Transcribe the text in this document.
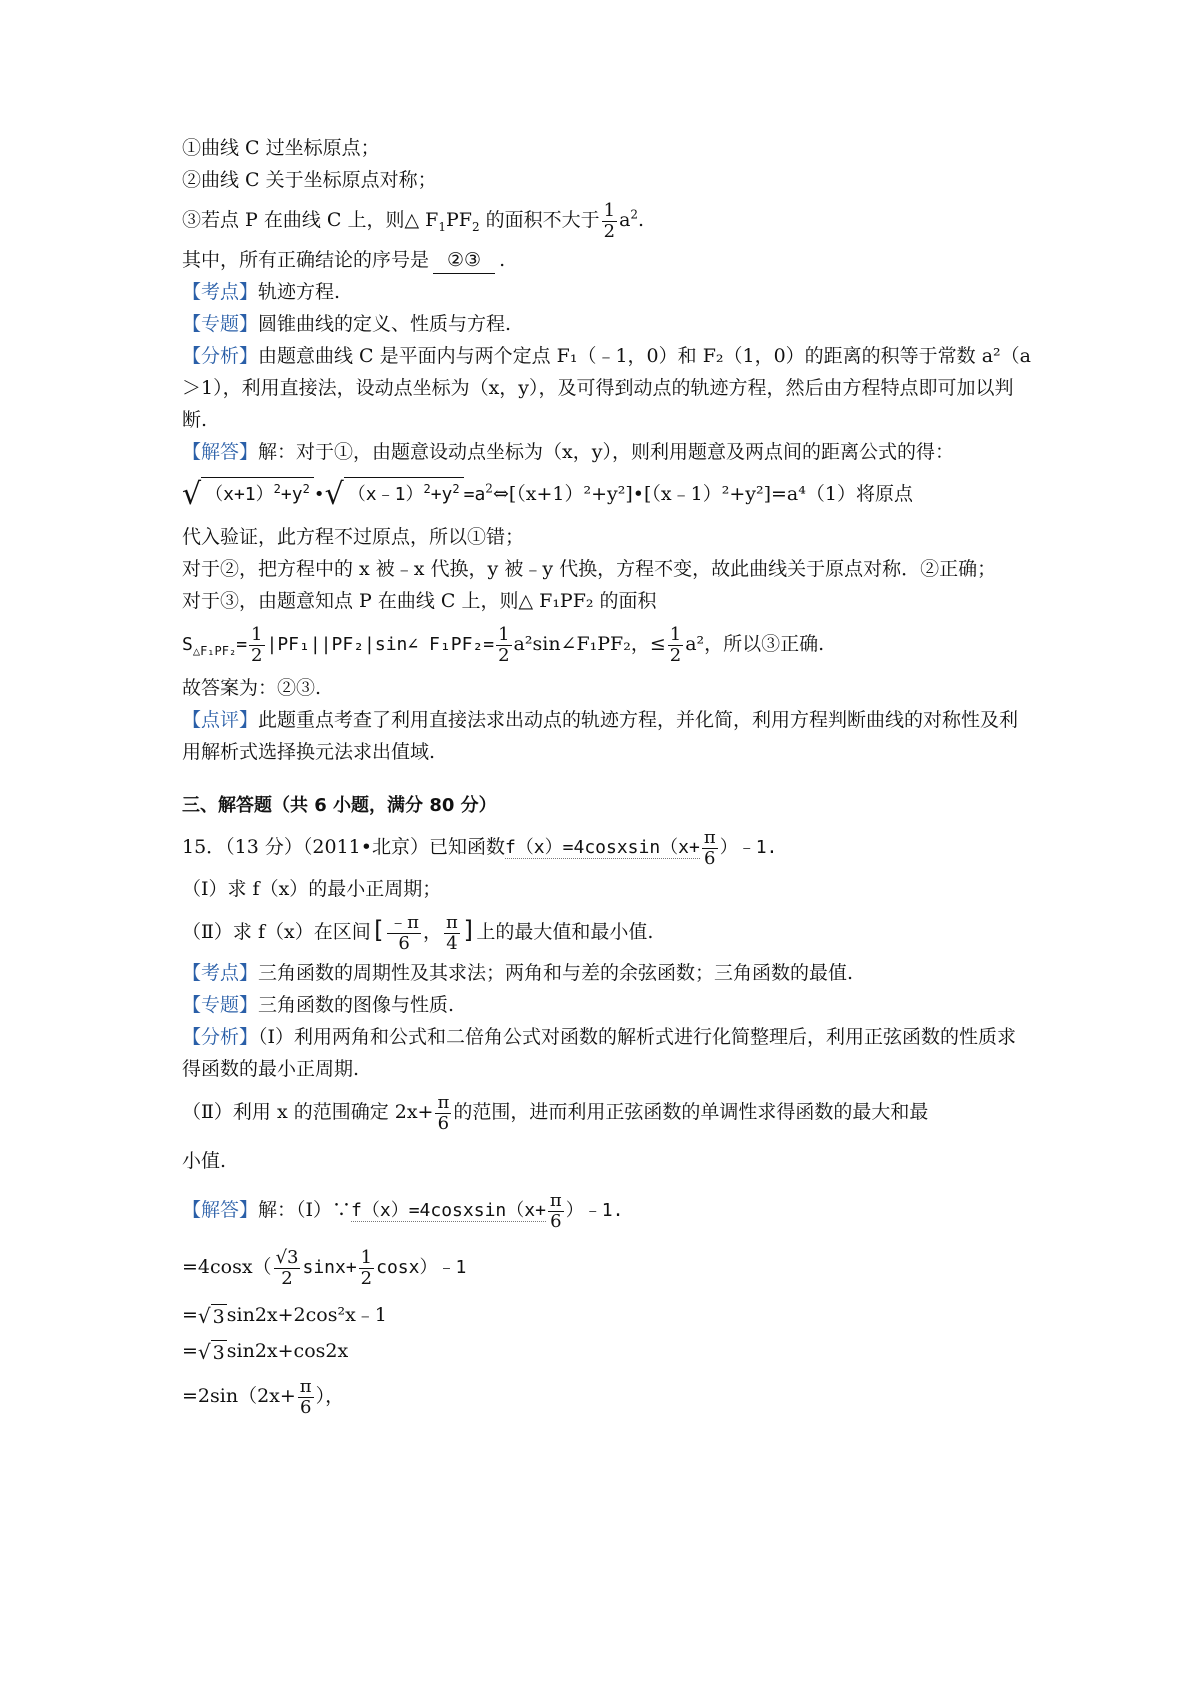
①曲线 C 过坐标原点；
②曲线 C 关于坐标原点对称；
③若点 P 在曲线 C 上，则△ $F_1PF_2$ 的面积不大于 $\frac{1}{2} a^2$.
其中，所有正确结论的序号是 ②③ .
【考点】轨迹方程.
【专题】圆锥曲线的定义、性质与方程.
【分析】由题意曲线 C 是平面内与两个定点 F₁（﹣1，0）和 F₂（1，0）的距离的积等于常数 a²（a＞1），利用直接法，设动点坐标为（x，y），及可得到动点的轨迹方程，然后由方程特点即可加以判断.
【解答】解：对于①，由题意设动点坐标为（x，y），则利用题意及两点间的距离公式的得：
√ $(x+1)^2+y^2$ • √ $(x﹣1)^2+y^2$ $=a^2\Leftrightarrow[(x+1)^2+y^2]•[(x﹣1)^2+y^2]=a^4(1)$将原点
代入验证，此方程不过原点，所以①错；
对于②，把方程中的 x 被﹣x 代换，y 被﹣y 代换，方程不变，故此曲线关于原点对称．②正确；
对于③，由题意知点 P 在曲线 C 上，则△ F₁PF₂ 的面积
$S_{\triangle F_1PF_2}= \frac{1}{2}$ |PF₁||PF₂|sin∠ $F_1PF_2= \frac{1}{2}$ a²sin∠F₁PF₂，≤ $\frac{1}{2} a^2$，所以③正确.
故答案为：②③.
【点评】此题重点考查了利用直接法求出动点的轨迹方程，并化简，利用方程判断曲线的对称性及利用解析式选择换元法求出值域.
三、解答题（共 6 小题，满分 80 分）
15．（13 分）（2011•北京）已知函数f（x）=4cosxsin（x+ $\frac{\pi}{6}$ ）﹣1.
（Ⅰ）求 f（x）的最小正周期；
（Ⅱ）求 f（x）在区间[ $\frac{﹣\pi}{6}$ ， $\frac{\pi}{4}$ ]上的最大值和最小值.
【考点】三角函数的周期性及其求法；两角和与差的余弦函数；三角函数的最值.
【专题】三角函数的图像与性质.
【分析】（Ⅰ）利用两角和公式和二倍角公式对函数的解析式进行化简整理后，利用正弦函数的性质求得函数的最小正周期.
（Ⅱ）利用 x 的范围确定 $2x+ \frac{\pi}{6}$ 的范围，进而利用正弦函数的单调性求得函数的最大和最
小值.
【解答】解：（Ⅰ）∵f（x）=4cosxsin（x+ $\frac{\pi}{6}$ ）﹣1.
$=4\cos x( \frac{√3}{2} \sin x+ \frac{1}{2}$ cosx）﹣1
= √ 3 sin2x+2cos²x﹣1
= √ 3 sin2x+cos2x
$=2\sin(2x+ \frac{\pi}{6}$ ），
